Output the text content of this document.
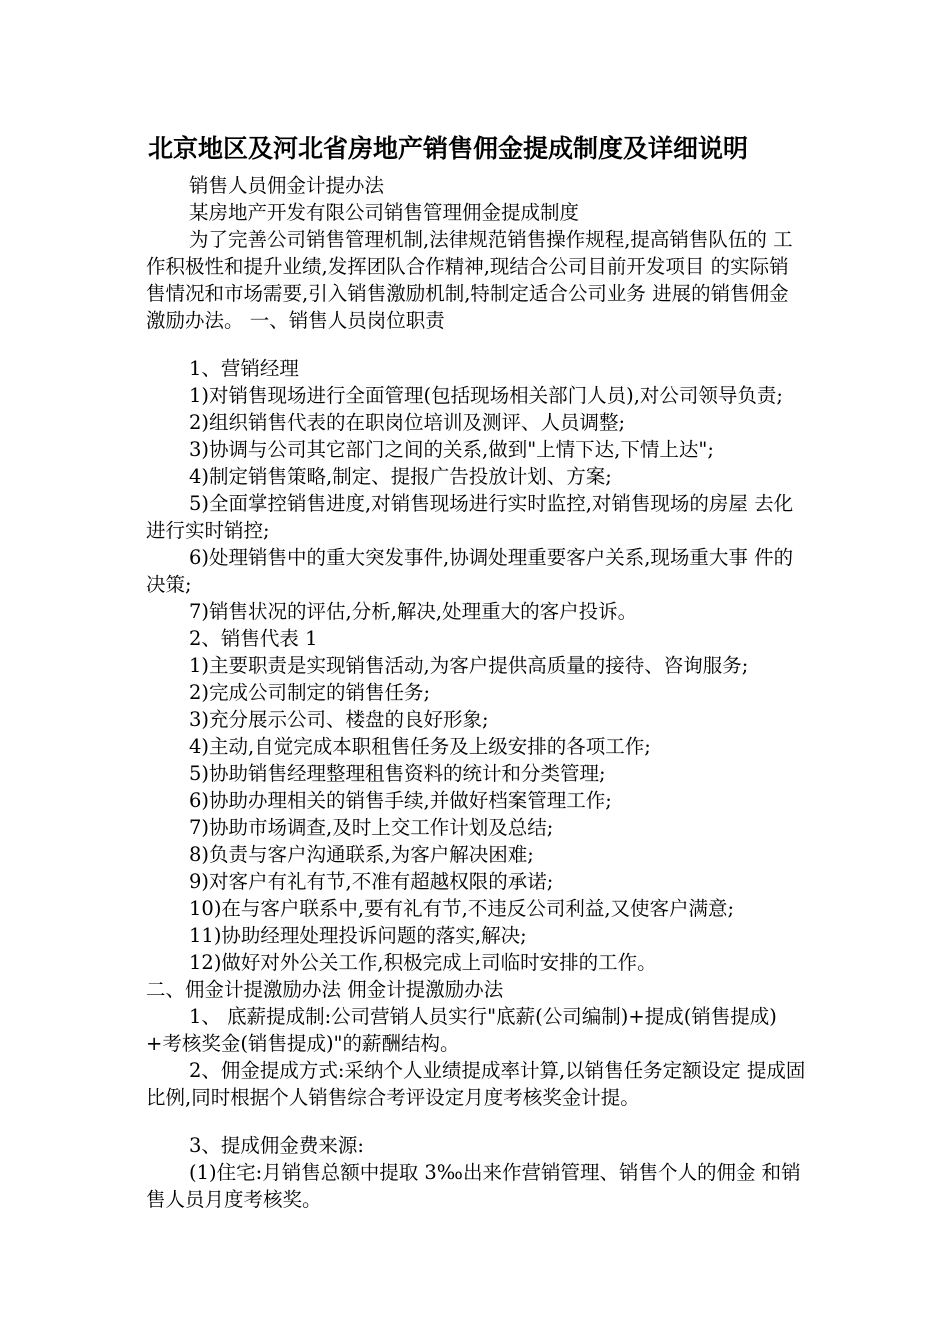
北京地区及河北省房地产销售佣金提成制度及详细说明

销售人员佣金计提办法

某房地产开发有限公司销售管理佣金提成制度

为了完善公司销售管理机制,法律规范销售操作规程,提高销售队伍的 工作积极性和提升业绩,发挥团队合作精神,现结合公司目前开发项目 的实际销售情况和市场需要,引入销售激励机制,特制定适合公司业务 进展的销售佣金激励办法。 一、销售人员岗位职责

1、营销经理

1)对销售现场进行全面管理(包括现场相关部门人员),对公司领导负责;

2)组织销售代表的在职岗位培训及测评、人员调整;

3)协调与公司其它部门之间的关系,做到"上情下达,下情上达";

4)制定销售策略,制定、提报广告投放计划、方案;

5)全面掌控销售进度,对销售现场进行实时监控,对销售现场的房屋 去化进行实时销控;

6)处理销售中的重大突发事件,协调处理重要客户关系,现场重大事 件的决策;

7)销售状况的评估,分析,解决,处理重大的客户投诉。

2、销售代表 1

1)主要职责是实现销售活动,为客户提供高质量的接待、咨询服务;

2)完成公司制定的销售任务;

3)充分展示公司、楼盘的良好形象;

4)主动,自觉完成本职租售任务及上级安排的各项工作;

5)协助销售经理整理租售资料的统计和分类管理;

6)协助办理相关的销售手续,并做好档案管理工作;

7)协助市场调查,及时上交工作计划及总结;

8)负责与客户沟通联系,为客户解决困难;

9)对客户有礼有节,不准有超越权限的承诺;

10)在与客户联系中,要有礼有节,不违反公司利益,又使客户满意;

11)协助经理处理投诉问题的落实,解决;

12)做好对外公关工作,积极完成上司临时安排的工作。

二、佣金计提激励办法 佣金计提激励办法

1、 底薪提成制:公司营销人员实行"底薪(公司编制)+提成(销售提成) +考核奖金(销售提成)"的薪酬结构。

2、佣金提成方式:采纳个人业绩提成率计算,以销售任务定额设定 提成固比例,同时根据个人销售综合考评设定月度考核奖金计提。

3、提成佣金费来源:

(1)住宅:月销售总额中提取 3‰出来作营销管理、销售个人的佣金 和销售人员月度考核奖。
